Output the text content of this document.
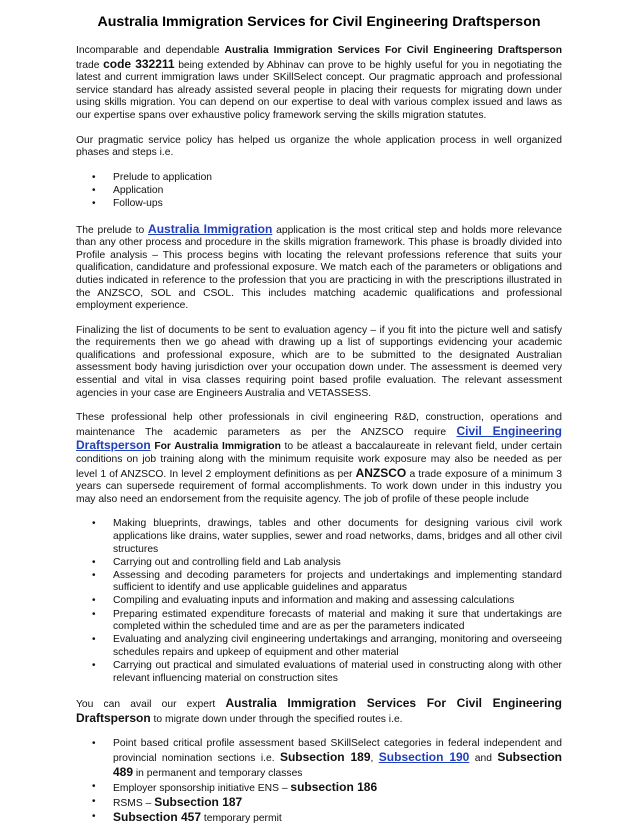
Australia Immigration Services for Civil Engineering Draftsperson

Incomparable and dependable Australia Immigration Services For Civil Engineering Draftsperson trade code 332211 being extended by Abhinav can prove to be highly useful for you in negotiating the latest and current immigration laws under SKillSelect concept. Our pragmatic approach and professional service standard has already assisted several people in placing their requests for migrating down under using skills migration. You can depend on our expertise to deal with various complex issued and laws as our expertise spans over exhaustive policy framework serving the skills migration statutes.

Our pragmatic service policy has helped us organize the whole application process in well organized phases and steps i.e.

• Prelude to application
• Application
• Follow-ups

The prelude to Australia Immigration application is the most critical step and holds more relevance than any other process and procedure in the skills migration framework. This phase is broadly divided into Profile analysis – This process begins with locating the relevant professions reference that suits your qualification, candidature and professional exposure. We match each of the parameters or obligations and duties indicated in reference to the profession that you are practicing in with the prescriptions illustrated in the ANZSCO, SOL and CSOL. This includes matching academic qualifications and professional employment experience.

Finalizing the list of documents to be sent to evaluation agency – if you fit into the picture well and satisfy the requirements then we go ahead with drawing up a list of supportings evidencing your academic qualifications and professional exposure, which are to be submitted to the designated Australian assessment body having jurisdiction over your occupation down under. The assessment is deemed very essential and vital in visa classes requiring point based profile evaluation. The relevant assessment agencies in your case are Engineers Australia and VETASSESS.

These professional help other professionals in civil engineering R&D, construction, operations and maintenance The academic parameters as per the ANZSCO require Civil Engineering Draftsperson For Australia Immigration to be atleast a baccalaureate in relevant field, under certain conditions on job training along with the minimum requisite work exposure may also be needed as per level 1 of ANZSCO. In level 2 employment definitions as per ANZSCO a trade exposure of a minimum 3 years can supersede requirement of formal accomplishments. To work down under in this industry you may also need an endorsement from the requisite agency. The job of profile of these people include

• Making blueprints, drawings, tables and other documents for designing various civil work applications like drains, water supplies, sewer and road networks, dams, bridges and all other civil structures
• Carrying out and controlling field and Lab analysis
• Assessing and decoding parameters for projects and undertakings and implementing standard sufficient to identify and use applicable guidelines and apparatus
• Compiling and evaluating inputs and information and making and assessing calculations
• Preparing estimated expenditure forecasts of material and making it sure that undertakings are completed within the scheduled time and are as per the parameters indicated
• Evaluating and analyzing civil engineering undertakings and arranging, monitoring and overseeing schedules repairs and upkeep of equipment and other material
• Carrying out practical and simulated evaluations of material used in constructing along with other relevant influencing material on construction sites

You can avail our expert Australia Immigration Services For Civil Engineering Draftsperson to migrate down under through the specified routes i.e.

• Point based critical profile assessment based SKillSelect categories in federal independent and provincial nomination sections i.e. Subsection 189, Subsection 190 and Subsection 489 in permanent and temporary classes
• Employer sponsorship initiative ENS – subsection 186
• RSMS – Subsection 187
• Subsection 457 temporary permit
